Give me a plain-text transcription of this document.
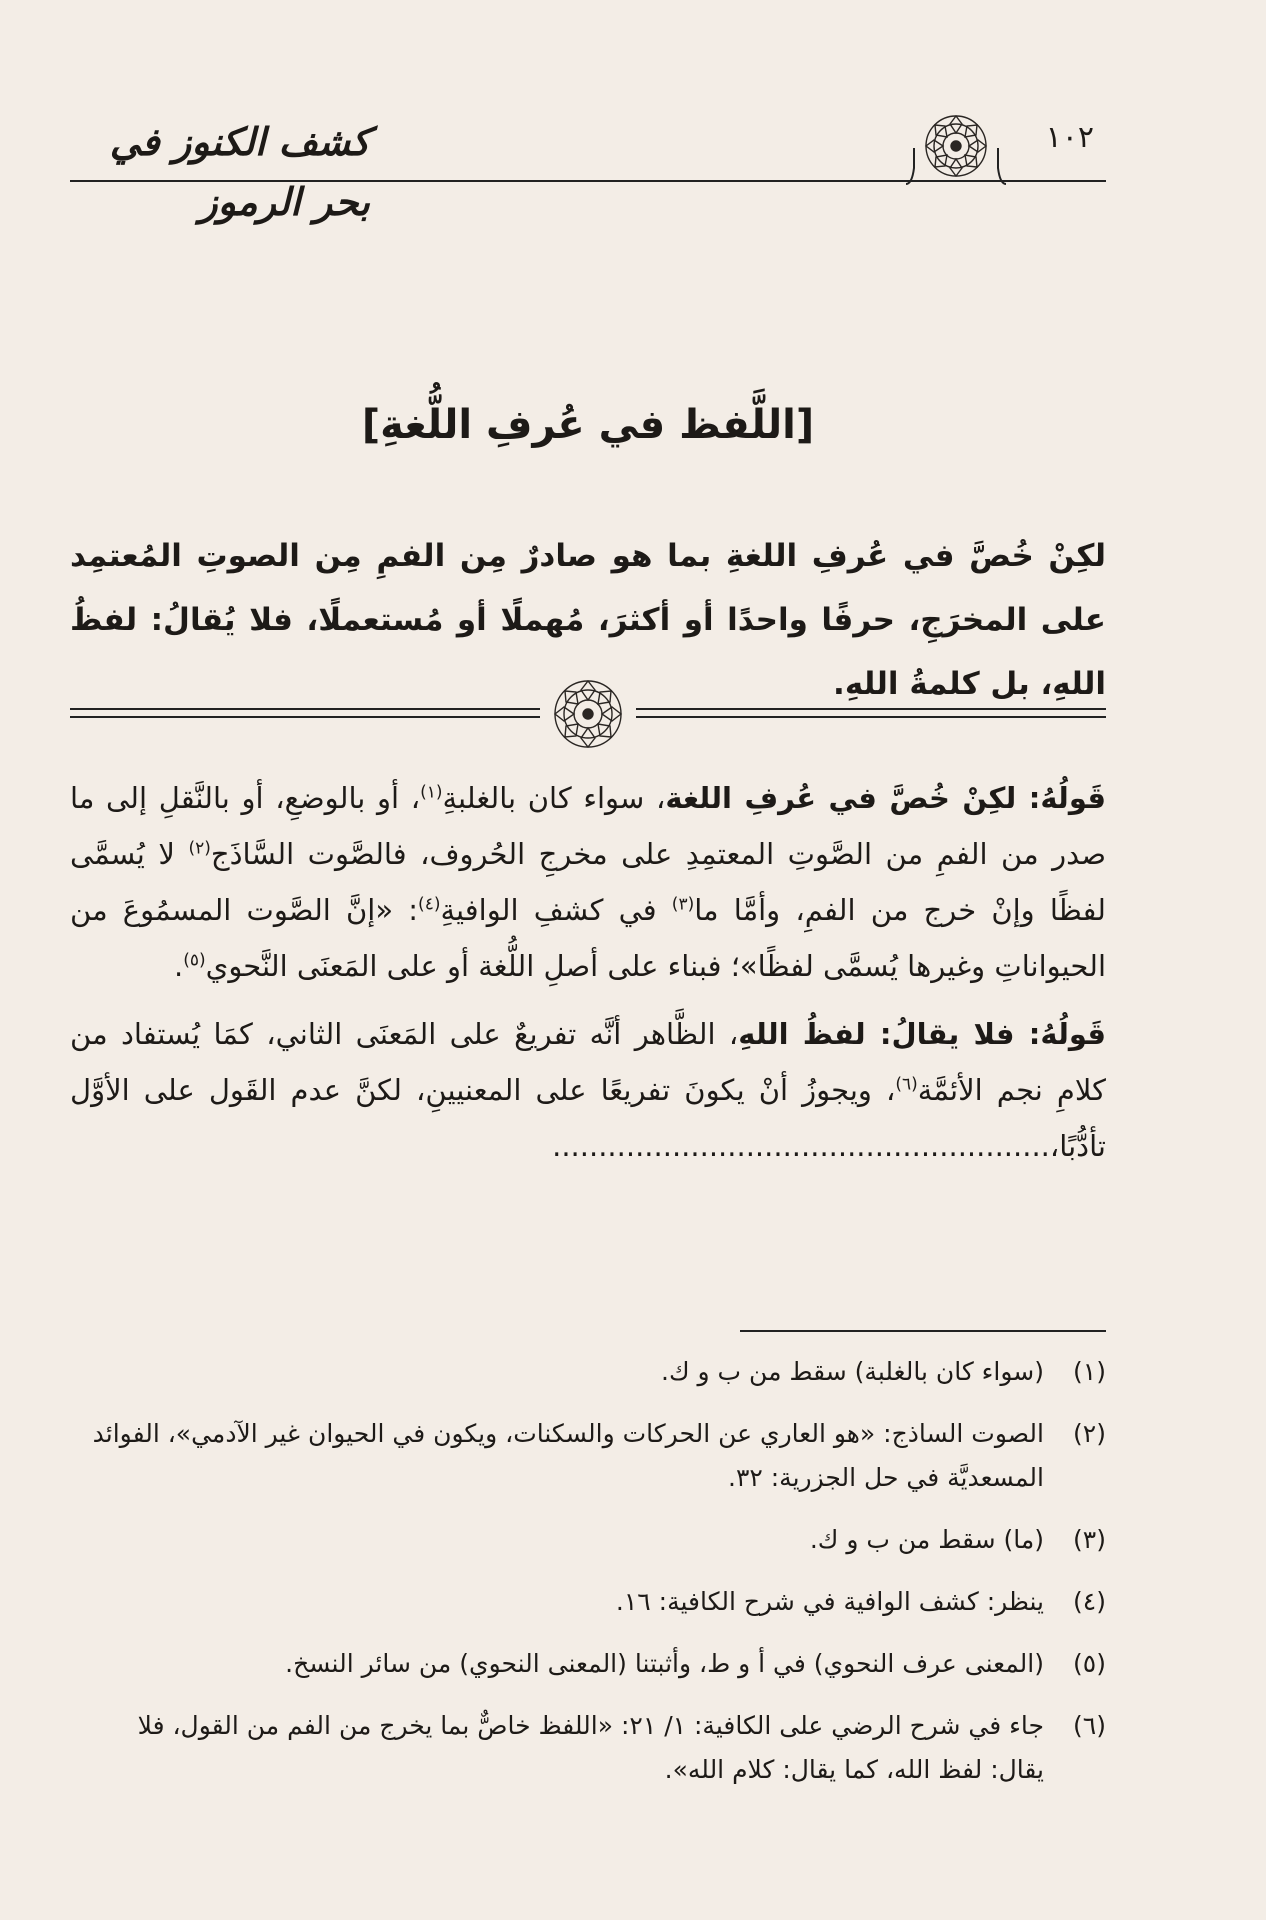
كشف الكنوز في بحر الرموز
١٠٢
[اللَّفظ في عُرفِ اللُّغةِ]
لكِنْ خُصَّ في عُرفِ اللغةِ بما هو صادرٌ مِن الفمِ مِن الصوتِ المُعتمِد على المخرَجِ، حرفًا واحدًا أو أكثرَ، مُهملًا أو مُستعملًا، فلا يُقالُ: لفظُ اللهِ، بل كلمةُ اللهِ.

قَولُهُ: لكِنْ خُصَّ في عُرفِ اللغة، سواء كان بالغلبةِ$^{(١)}$، أو بالوضعِ، أو بالنَّقلِ إلى ما صدر من الفمِ من الصَّوتِ المعتمِدِ على مخرجِ الحُروف، فالصَّوت السَّاذَج$^{(٢)}$ لا يُسمَّى لفظًا وإنْ خرج من الفمِ، وأمَّا ما$^{(٣)}$ في كشفِ الوافيةِ$^{(٤)}$: «إنَّ الصَّوت المسمُوعَ من الحيواناتِ وغيرها يُسمَّى لفظًا»؛ فبناء على أصلِ اللُّغة أو على المَعنَى النَّحوي$^{(٥)}$.

قَولُهُ: فلا يقالُ: لفظُ اللهِ، الظَّاهر أنَّه تفريعٌ على المَعنَى الثاني، كمَا يُستفاد من كلامِ نجم الأئمَّة$^{(٦)}$، ويجوزُ أنْ يكونَ تفريعًا على المعنيينِ، لكنَّ عدم القَول على الأوَّل تأدُّبًا،......................................................

(١)
(سواء كان بالغلبة) سقط من ب و ك.
(٢)
الصوت الساذج: «هو العاري عن الحركات والسكنات، ويكون في الحيوان غير الآدمي»، الفوائد المسعديَّة في حل الجزرية: ٣٢.
(٣)
(ما) سقط من ب و ك.
(٤)
ينظر: كشف الوافية في شرح الكافية: ١٦.
(٥)
(المعنى عرف النحوي) في أ و ط، وأثبتنا (المعنى النحوي) من سائر النسخ.
(٦)
جاء في شرح الرضي على الكافية: ١/ ٢١: «اللفظ خاصٌّ بما يخرج من الفم من القول، فلا يقال: لفظ الله، كما يقال: كلام الله».
